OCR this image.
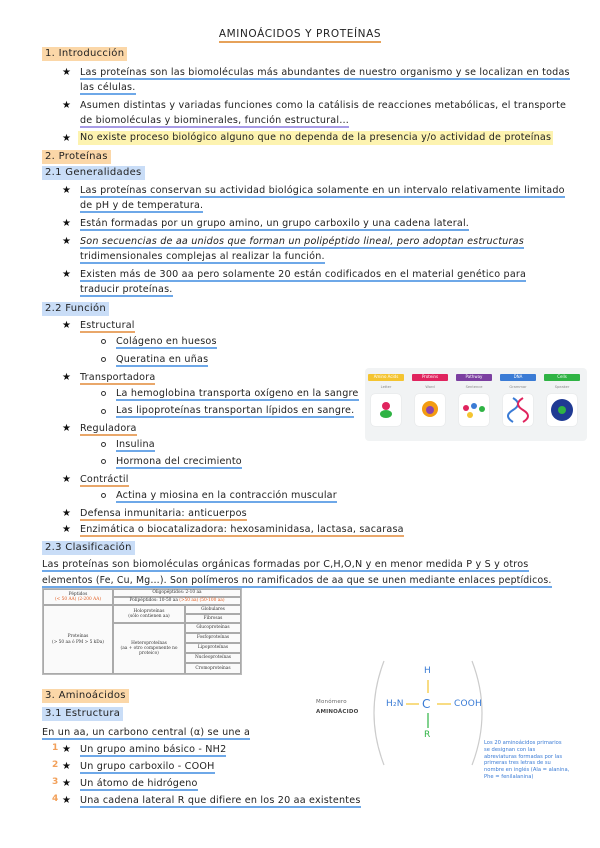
AMINOÁCIDOS Y PROTEÍNAS
1. Introducción
★ Las proteínas son las biomoléculas más abundantes de nuestro organismo y se localizan en todas
las células.
★ Asumen distintas y variadas funciones como la catálisis de reacciones metabólicas, el transporte
de biomoléculas y biominerales, función estructural…
★ No existe proceso biológico alguno que no dependa de la presencia y/o actividad de proteínas
2. Proteínas
2.1 Generalidades
★ Las proteínas conservan su actividad biológica solamente en un intervalo relativamente limitado
de pH y de temperatura.
★ Están formadas por un grupo amino, un grupo carboxilo y una cadena lateral.
★ Son secuencias de aa unidos que forman un polipéptido lineal, pero adoptan estructuras
tridimensionales complejas al realizar la función.
★ Existen más de 300 aa pero solamente 20 están codificados en el material genético para
traducir proteínas.
2.2 Función
★ Estructural
Colágeno en huesos
Queratina en uñas
★ Transportadora
La hemoglobina transporta oxígeno en la sangre
Las lipoproteínas transportan lípidos en sangre.
★ Reguladora
Insulina
Hormona del crecimiento
★ Contráctil
Actina y miosina en la contracción muscular
★ Defensa inmunitaria: anticuerpos
★ Enzimática o biocatalizadora: hexosaminidasa, lactasa, sacarasa
Amino Acids
Letter
Proteins
Word
Pathway
Sentence
DNA
Grammar
Cells
Speaker
2.3 Clasificación
Las proteínas son biomoléculas orgánicas formadas por C,H,O,N y en menor medida P y S y otros
elementos (Fe, Cu, Mg…). Son polímeros no ramificados de aa que se unen mediante enlaces peptídicos.
Péptidos
(< 50 AA) (2-200 AA)
Oligopéptidos: 2-10 aa
Polipéptidos: 10-50 aa
(>50 aa) (50-100 aa)
Proteínas
(> 50 aa ó PM > 5 kDa)
Holoproteínas
(sólo contienen aa)
Heteroproteínas
(aa + otro componente no proteico)
Globulares
Fibrosas
Glucoproteínas
Fosfoproteínas
Lipoproteínas
Nucleoproteínas
Cromoproteínas
3. Aminoácidos
3.1 Estructura
En un aa, un carbono central (α) se une a
1 ★ Un grupo amino básico - NH2
2 ★ Un grupo carboxilo - COOH
3 ★ Un átomo de hidrógeno
4 ★ Una cadena lateral R que difiere en los 20 aa existentes
Monómero
AMINOÁCIDO
H
C
H₂N	COOH
R
Los 20 aminoácidos primarios
se designan con las
abreviaturas formadas por las
primeras tres letras de su
nombre en inglés (Ala = alanina,
Phe = fenilalanina)
